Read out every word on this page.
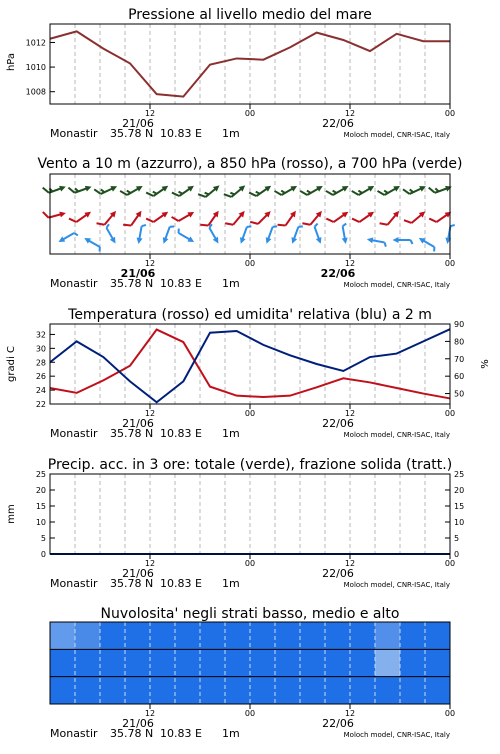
Pressione al livello medio del mare
hPa
1008
1010
1012
12	00	12	00
21/06	22/06
Monastir 35.78 N 10.83 E 1m	Moloch model, CNR-ISAC, Italy
Vento a 10 m (azzurro), a 850 hPa (rosso), a 700 hPa (verde)
12	00	12	00
21/06	22/06
Monastir 35.78 N 10.83 E 1m	Moloch model, CNR-ISAC, Italy
Temperatura (rosso) ed umidita' relativa (blu) a 2 m
gradi C	%
22
24
26
28
30
32
50
60
70
80
90
12	00	12	00
21/06	22/06
Monastir 35.78 N 10.83 E 1m	Moloch model, CNR-ISAC, Italy
Precip. acc. in 3 ore: totale (verde), frazione solida (tratt.)
mm
0
5
10
15
20
25
0
5
10
15
20
25
12	00	12	00
21/06	22/06
Monastir 35.78 N 10.83 E 1m	Moloch model, CNR-ISAC, Italy
Nuvolosita' negli strati basso, medio e alto
12	00	12	00
21/06	22/06
Monastir 35.78 N 10.83 E 1m	Moloch model, CNR-ISAC, Italy
